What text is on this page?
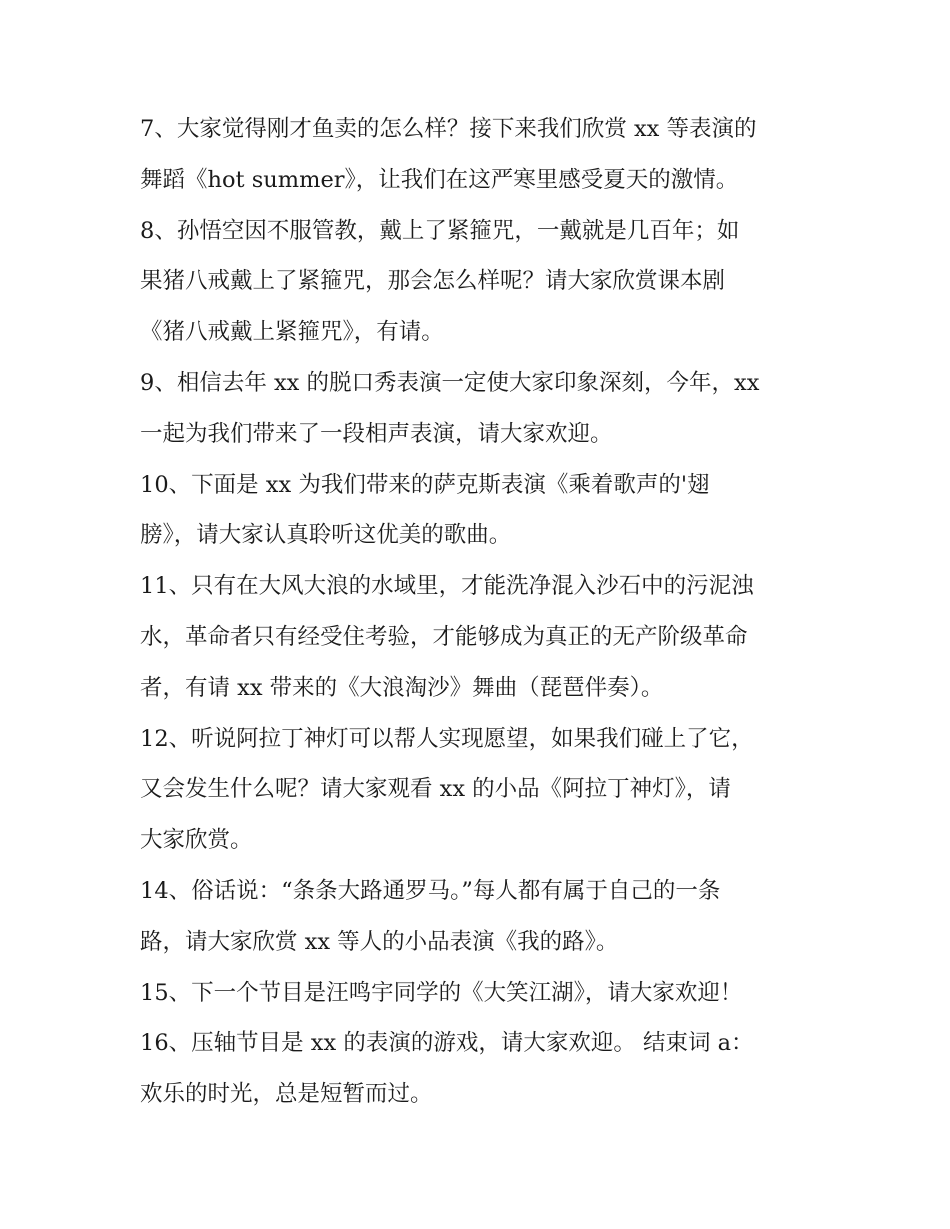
7、大家觉得刚才鱼卖的怎么样？接下来我们欣赏 xx 等表演的
舞蹈《hot summer》，让我们在这严寒里感受夏天的激情。
8、孙悟空因不服管教，戴上了紧箍咒，一戴就是几百年；如
果猪八戒戴上了紧箍咒，那会怎么样呢？请大家欣赏课本剧
《猪八戒戴上紧箍咒》，有请。
9、相信去年 xx 的脱口秀表演一定使大家印象深刻，今年，xx
一起为我们带来了一段相声表演，请大家欢迎。
10、下面是 xx 为我们带来的萨克斯表演《乘着歌声的'翅
膀》，请大家认真聆听这优美的歌曲。
11、只有在大风大浪的水域里，才能洗净混入沙石中的污泥浊
水，革命者只有经受住考验，才能够成为真正的无产阶级革命
者，有请 xx 带来的《大浪淘沙》舞曲（琵琶伴奏）。
12、听说阿拉丁神灯可以帮人实现愿望，如果我们碰上了它，
又会发生什么呢？请大家观看 xx 的小品《阿拉丁神灯》，请
大家欣赏。
14、俗话说：“条条大路通罗马。”每人都有属于自己的一条
路，请大家欣赏 xx 等人的小品表演《我的路》。
15、下一个节目是汪鸣宇同学的《大笑江湖》，请大家欢迎！
16、压轴节目是 xx 的表演的游戏，请大家欢迎。 结束词 a：
欢乐的时光，总是短暂而过。
